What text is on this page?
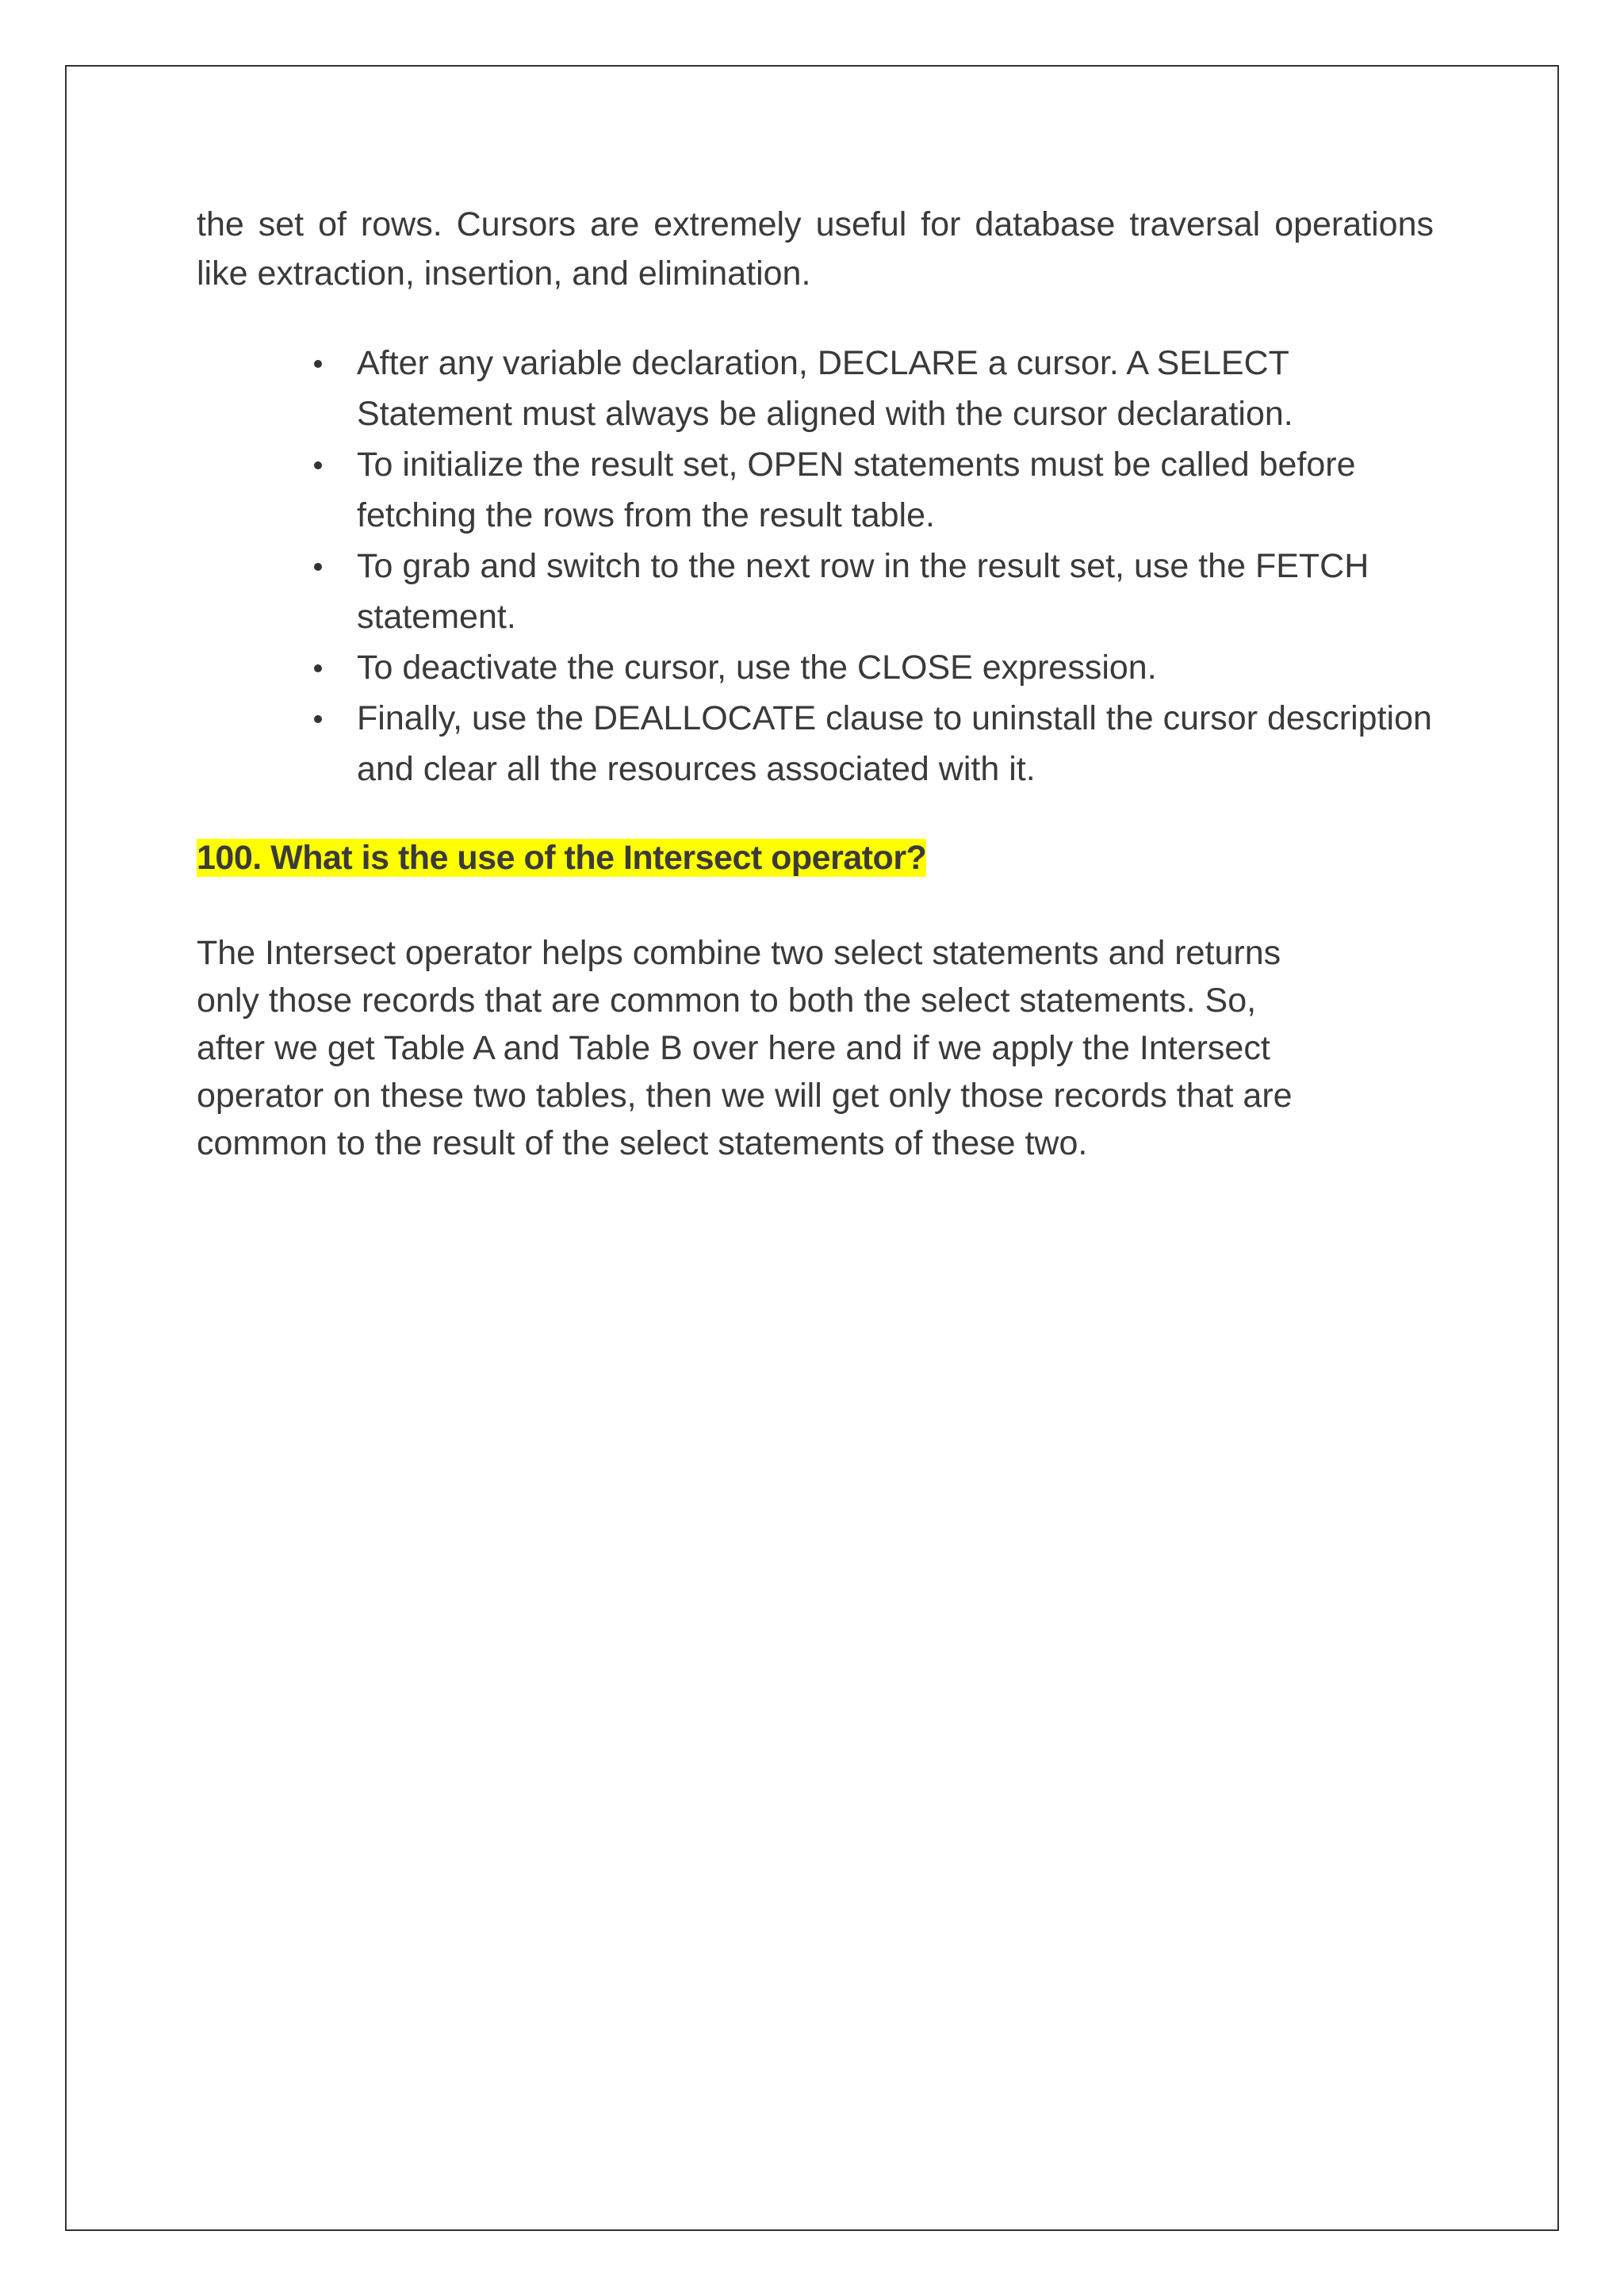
the set of rows. Cursors are extremely useful for database traversal operations like extraction, insertion, and elimination.

After any variable declaration, DECLARE a cursor. A SELECT Statement must always be aligned with the cursor declaration.
To initialize the result set, OPEN statements must be called before fetching the rows from the result table.
To grab and switch to the next row in the result set, use the FETCH statement.
To deactivate the cursor, use the CLOSE expression.
Finally, use the DEALLOCATE clause to uninstall the cursor description and clear all the resources associated with it.
100. What is the use of the Intersect operator?
The Intersect operator helps combine two select statements and returns
only those records that are common to both the select statements. So,
after we get Table A and Table B over here and if we apply the Intersect
operator on these two tables, then we will get only those records that are
common to the result of the select statements of these two.
